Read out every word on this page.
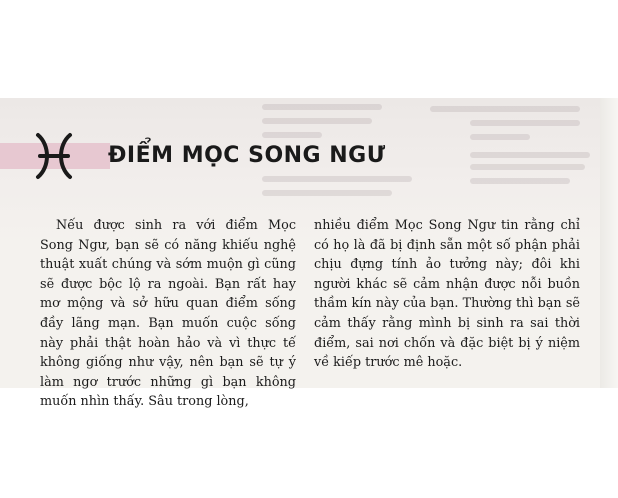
ĐIỂM MỌC SONG NGƯ

Nếu được sinh ra với điểm Mọc Song Ngư, bạn sẽ có năng khiếu nghệ thuật xuất chúng và sớm muộn gì cũng sẽ được bộc lộ ra ngoài. Bạn rất hay mơ mộng và sở hữu quan điểm sống đầy lãng mạn. Bạn muốn cuộc sống này phải thật hoàn hảo và vì thực tế không giống như vậy, nên bạn sẽ tự ý làm ngơ trước những gì bạn không muốn nhìn thấy. Sâu trong lòng,

nhiều điểm Mọc Song Ngư tin rằng chỉ có họ là đã bị định sẵn một số phận phải chịu đựng tính ảo tưởng này; đôi khi người khác sẽ cảm nhận được nỗi buồn thầm kín này của bạn. Thường thì bạn sẽ cảm thấy rằng mình bị sinh ra sai thời điểm, sai nơi chốn và đặc biệt bị ý niệm về kiếp trước mê hoặc.
